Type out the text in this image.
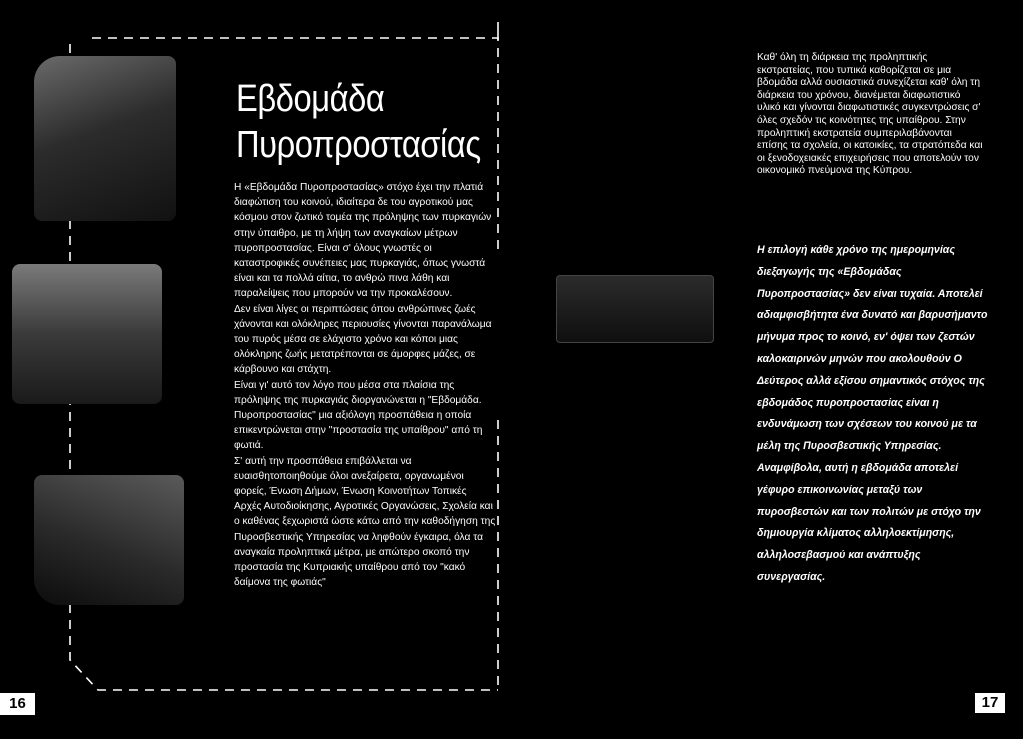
Εβδομάδα
Πυροπροστασίας
Η «Εβδομάδα Πυροπροστασίας» στόχο έχει την πλατιά διαφώτιση του κοινού, ιδιαίτερα δε του αγροτικού μας κόσμου στον ζωτικό τομέα της πρόληψης των πυρκαγιών στην ύπαιθρο, με τη λήψη των αναγκαίων μέτρων πυροπροστασίας. Είναι σ' όλους γνωστές οι καταστροφικές συνέπειες μας πυρκαγιάς, όπως γνωστά είναι και τα πολλά αίτια, το ανθρώ πινα λάθη και παραλείψεις που μπορούν να την προκαλέσουν.
Δεν είναι λίγες οι περιπτώσεις όπου ανθρώπινες ζωές χάνονται και ολόκληρες περιουσίες γίνονται παρανάλωμα του πυρός μέσα σε ελάχιστο χρόνο και κόποι μιας ολόκληρης ζωής μετατρέπονται σε άμορφες μάζες, σε κάρβουνο και στάχτη.
Είναι γι' αυτό τον λόγο που μέσα στα πλαίσια της πρόληψης της πυρκαγιάς διοργανώνεται η "Εβδομάδα. Πυροπροστασίας" μια αξιόλογη προσπάθεια η οποία επικεντρώνεται στην "προστασία της υπαίθρου" από τη φωτιά.
Σ' αυτή την προσπάθεια επιβάλλεται να ευαισθητοποιηθούμε όλοι ανεξαίρετα, οργανωμένοι φορείς, Ένωση Δήμων, Ένωση Κοινοτήτων Τοπικές Αρχές Αυτοδιοίκησης, Αγροτικές Οργανώσεις, Σχολεία και ο καθένας ξεχωριστά ώστε κάτω από την καθοδήγηση της Πυροσβεστικής Υπηρεσίας να ληφθούν έγκαιρα, όλα τα αναγκαία προληπτικά μέτρα, με απώτερο σκοπό την προστασία της Κυπριακής υπαίθρου από τον "κακό δαίμονα της φωτιάς"
Καθ' όλη τη διάρκεια της προληπτικής εκστρατείας, που τυπικά καθορίζεται σε μια βδομάδα αλλά ουσιαστικά συνεχίζεται καθ' όλη τη διάρκεια του χρόνου, διανέμεται διαφωτιστικό υλικό και γίνονται διαφωτιστικές συγκεντρώσεις σ' όλες σχεδόν τις κοινότητες της υπαίθρου. Στην προληπτική εκστρατεία συμπεριλαβάνονται επίσης τα σχολεία, οι κατοικίες, τα στρατόπεδα και οι ξενοδοχειακές επιχειρήσεις που αποτελούν τον οικονομικό πνεύμονα της Κύπρου.
Η επιλογή κάθε χρόνο της ημερομηνίας διεξαγωγής της «Εβδομάδας Πυροπροστασίας» δεν είναι τυχαία. Αποτελεί αδιαμφισβήτητα ένα δυνατό και βαρυσήμαντο μήνυμα προς το κοινό, εν' όψει των ζεστών καλοκαιρινών μηνών που ακολουθούν Ο Δεύτερος αλλά εξίσου σημαντικός στόχος της εβδομάδος πυροπροστασίας είναι η ενδυνάμωση των σχέσεων του κοινού με τα μέλη της Πυροσβεστικής Υπηρεσίας. Αναμφίβολα, αυτή η εβδομάδα αποτελεί γέφυρο επικοινωνίας μεταξύ των πυροσβεστών και των πολιτών με στόχο την δημιουργία κλίματος αλληλοεκτίμησης, αλληλοσεβασμού και ανάπτυξης συνεργασίας.
16	17
